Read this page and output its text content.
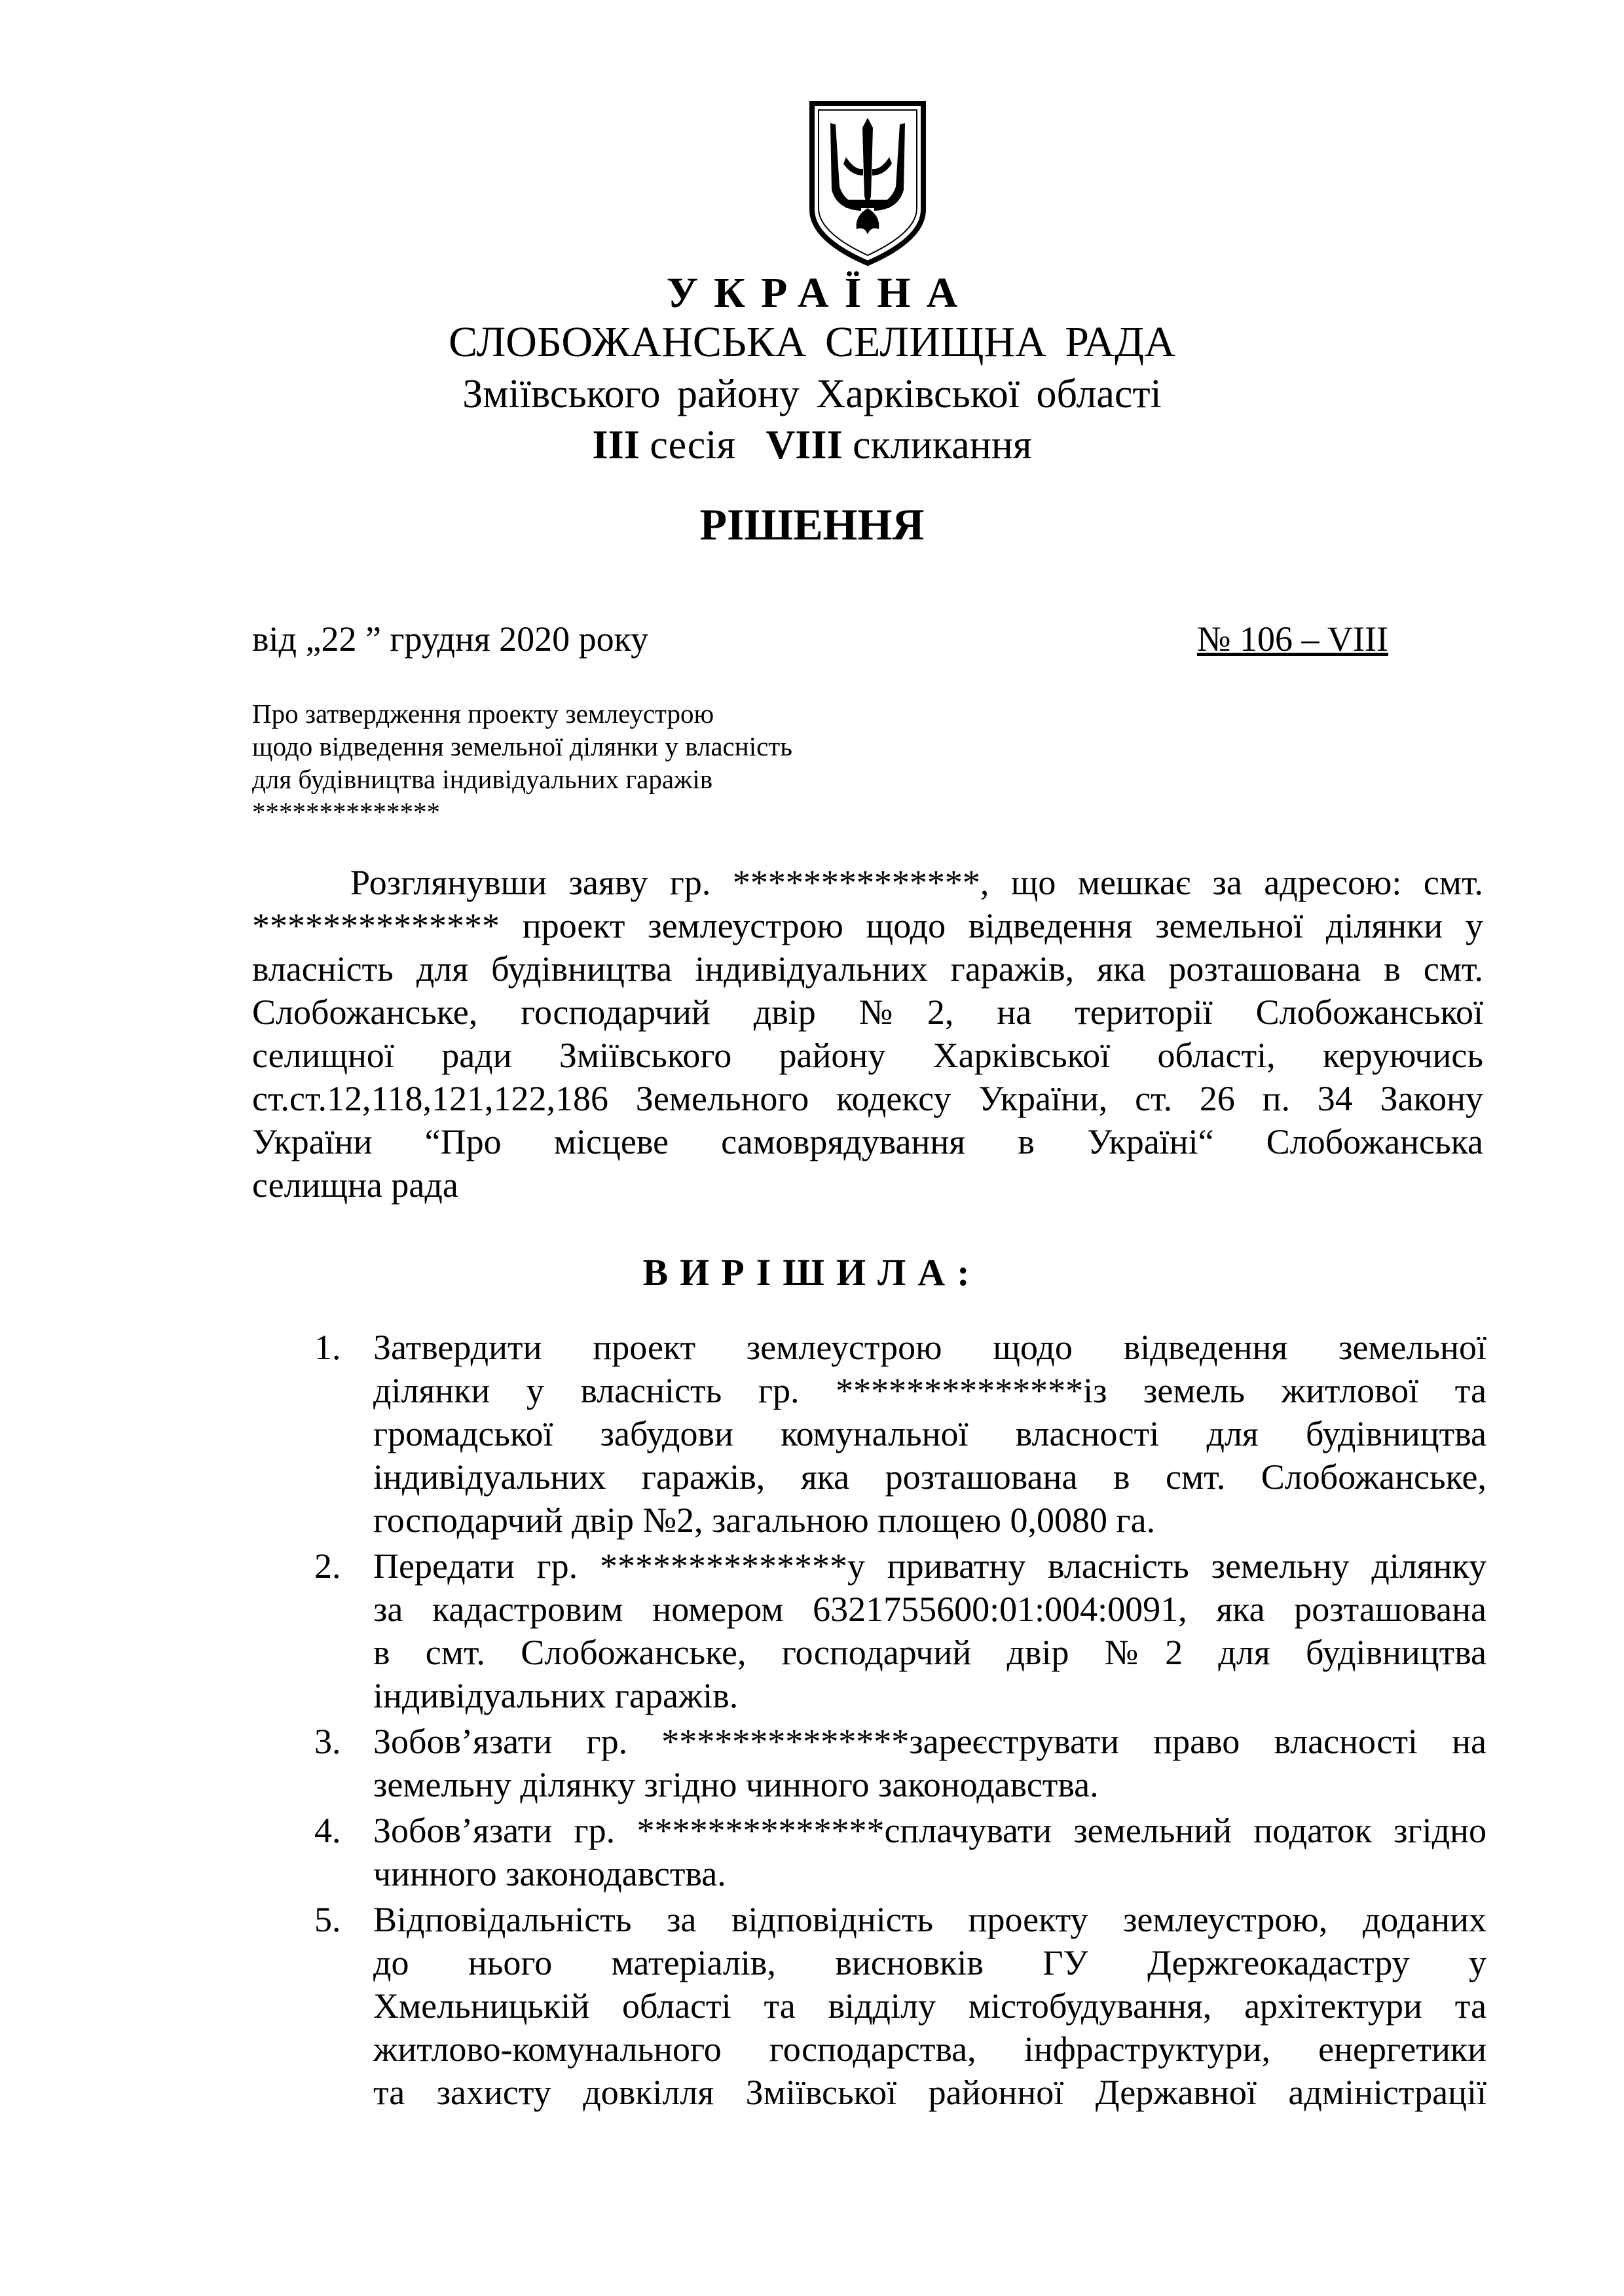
УКРАЇНА
СЛОБОЖАНСЬКА СЕЛИЩНА РАДА
Зміївського району Харківської області
ІІІ сесія VIII скликання
РІШЕННЯ
від „22 ” грудня 2020 року	№ 106 – VIII
Про затвердження проекту землеустрою
щодо відведення земельної ділянки у власність
для будівництва індивідуальних гаражів
**************
Розглянувши заяву гр. **************, що мешкає за адресою: смт.
************** проект землеустрою щодо відведення земельної ділянки у
власність для будівництва індивідуальних гаражів, яка розташована в смт.
Слобожанське, господарчий двір №2, на території Слобожанської
селищної ради Зміївського району Харківської області, керуючись
ст.ст.12,118,121,122,186 Земельного кодексу України, ст. 26 п. 34 Закону
України “Про місцеве самоврядування в Україні“ Слобожанська
селищна рада
ВИРІШИЛА:
1. Затвердити проект землеустрою щодо відведення земельної
ділянки у власність гр. **************із земель житлової та
громадської забудови комунальної власності для будівництва
індивідуальних гаражів, яка розташована в смт. Слобожанське,
господарчий двір №2, загальною площею 0,0080 га.
2. Передати гр. **************у приватну власність земельну ділянку
за кадастровим номером 6321755600:01:004:0091, яка розташована
в смт. Слобожанське, господарчий двір №2 для будівництва
індивідуальних гаражів.
3. Зобов’язати гр. **************зареєструвати право власності на
земельну ділянку згідно чинного законодавства.
4. Зобов’язати гр. **************сплачувати земельний податок згідно
чинного законодавства.
5. Відповідальність за відповідність проекту землеустрою, доданих
до нього матеріалів, висновків ГУ Держгеокадастру у
Хмельницькій області та відділу містобудування, архітектури та
житлово-комунального господарства, інфраструктури, енергетики
та захисту довкілля Зміївської районної Державної адміністрації
